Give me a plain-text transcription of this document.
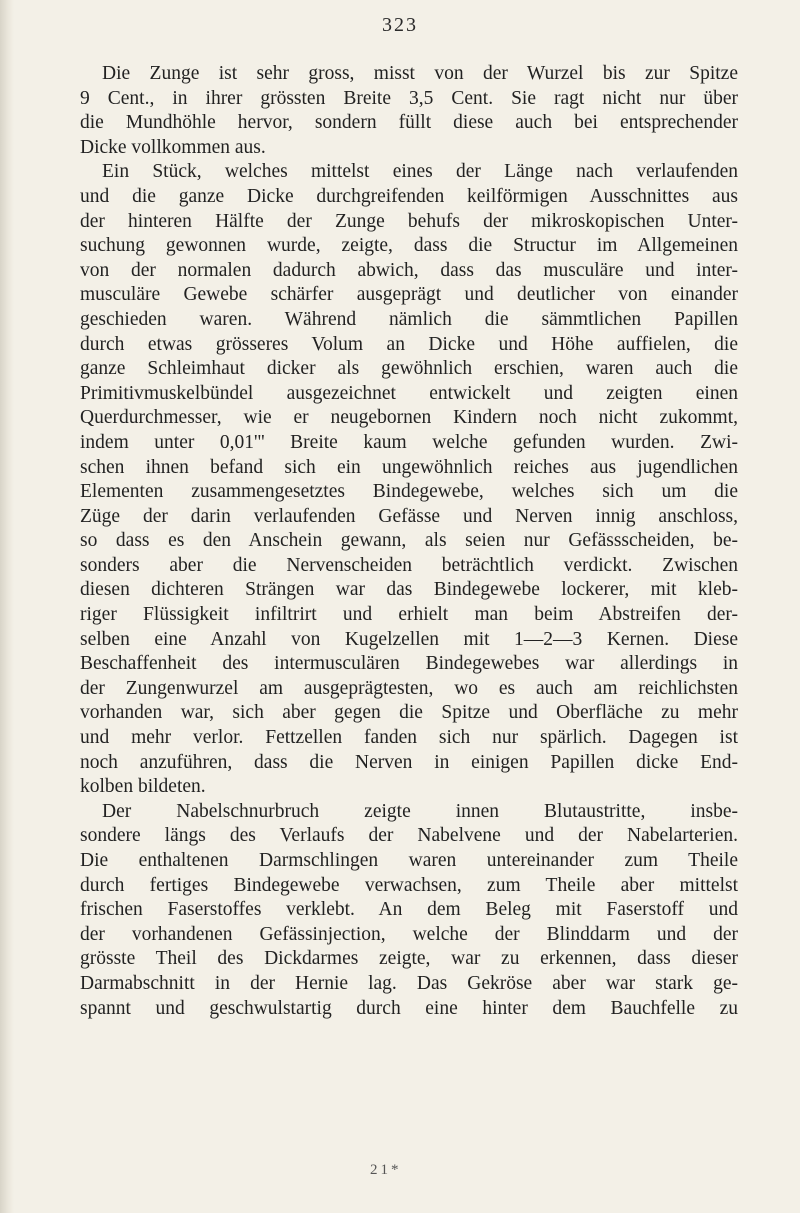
323
Die Zunge ist sehr gross, misst von der Wurzel bis zur Spitze
9 Cent., in ihrer grössten Breite 3,5 Cent. Sie ragt nicht nur über
die Mundhöhle hervor, sondern füllt diese auch bei entsprechender
Dicke vollkommen aus.
Ein Stück, welches mittelst eines der Länge nach verlaufenden
und die ganze Dicke durchgreifenden keilförmigen Ausschnittes aus
der hinteren Hälfte der Zunge behufs der mikroskopischen Unter-
suchung gewonnen wurde, zeigte, dass die Structur im Allgemeinen
von der normalen dadurch abwich, dass das musculäre und inter-
musculäre Gewebe schärfer ausgeprägt und deutlicher von einander
geschieden waren. Während nämlich die sämmtlichen Papillen
durch etwas grösseres Volum an Dicke und Höhe auffielen, die
ganze Schleimhaut dicker als gewöhnlich erschien, waren auch die
Primitivmuskelbündel ausgezeichnet entwickelt und zeigten einen
Querdurchmesser, wie er neugebornen Kindern noch nicht zukommt,
indem unter 0,01''' Breite kaum welche gefunden wurden. Zwi-
schen ihnen befand sich ein ungewöhnlich reiches aus jugendlichen
Elementen zusammengesetztes Bindegewebe, welches sich um die
Züge der darin verlaufenden Gefässe und Nerven innig anschloss,
so dass es den Anschein gewann, als seien nur Gefässscheiden, be-
sonders aber die Nervenscheiden beträchtlich verdickt. Zwischen
diesen dichteren Strängen war das Bindegewebe lockerer, mit kleb-
riger Flüssigkeit infiltrirt und erhielt man beim Abstreifen der-
selben eine Anzahl von Kugelzellen mit 1—2—3 Kernen. Diese
Beschaffenheit des intermusculären Bindegewebes war allerdings in
der Zungenwurzel am ausgeprägtesten, wo es auch am reichlichsten
vorhanden war, sich aber gegen die Spitze und Oberfläche zu mehr
und mehr verlor. Fettzellen fanden sich nur spärlich. Dagegen ist
noch anzuführen, dass die Nerven in einigen Papillen dicke End-
kolben bildeten.
Der Nabelschnurbruch zeigte innen Blutaustritte, insbe-
sondere längs des Verlaufs der Nabelvene und der Nabelarterien.
Die enthaltenen Darmschlingen waren untereinander zum Theile
durch fertiges Bindegewebe verwachsen, zum Theile aber mittelst
frischen Faserstoffes verklebt. An dem Beleg mit Faserstoff und
der vorhandenen Gefässinjection, welche der Blinddarm und der
grösste Theil des Dickdarmes zeigte, war zu erkennen, dass dieser
Darmabschnitt in der Hernie lag. Das Gekröse aber war stark ge-
spannt und geschwulstartig durch eine hinter dem Bauchfelle zu
21*
